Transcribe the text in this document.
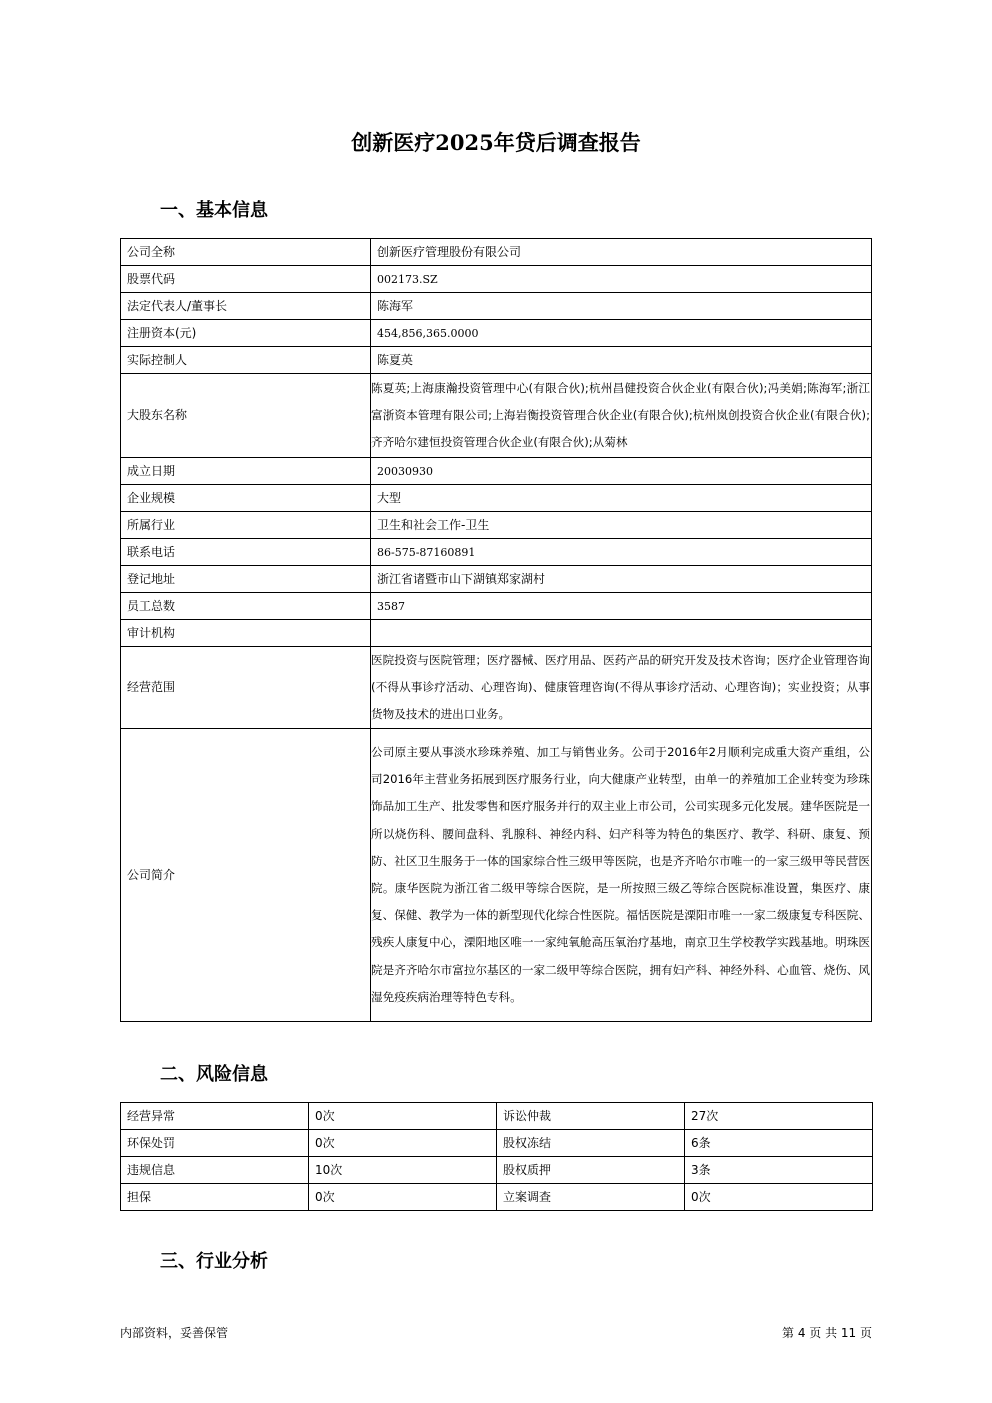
创新医疗2025年贷后调查报告
一、基本信息
公司全称	创新医疗管理股份有限公司
股票代码	002173.SZ
法定代表人/董事长	陈海军
注册资本(元)	454,856,365.0000
实际控制人	陈夏英
大股东名称	陈夏英;上海康瀚投资管理中心(有限合伙);杭州昌健投资合伙企业(有限合伙);冯美娟;陈海军;浙江富浙资本管理有限公司;上海岩衡投资管理合伙企业(有限合伙);杭州岚创投资合伙企业(有限合伙);齐齐哈尔建恒投资管理合伙企业(有限合伙);从菊林
成立日期	20030930
企业规模	大型
所属行业	卫生和社会工作-卫生
联系电话	86-575-87160891
登记地址	浙江省诸暨市山下湖镇郑家湖村
员工总数	3587
审计机构	
经营范围	医院投资与医院管理；医疗器械、医疗用品、医药产品的研究开发及技术咨询；医疗企业管理咨询(不得从事诊疗活动、心理咨询)、健康管理咨询(不得从事诊疗活动、心理咨询)；实业投资；从事货物及技术的进出口业务。
公司简介	公司原主要从事淡水珍珠养殖、加工与销售业务。公司于2016年2月顺利完成重大资产重组，公司2016年主营业务拓展到医疗服务行业，向大健康产业转型，由单一的养殖加工企业转变为珍珠饰品加工生产、批发零售和医疗服务并行的双主业上市公司，公司实现多元化发展。建华医院是一所以烧伤科、腰间盘科、乳腺科、神经内科、妇产科等为特色的集医疗、教学、科研、康复、预防、社区卫生服务于一体的国家综合性三级甲等医院，也是齐齐哈尔市唯一的一家三级甲等民营医院。康华医院为浙江省二级甲等综合医院，是一所按照三级乙等综合医院标准设置，集医疗、康复、保健、教学为一体的新型现代化综合性医院。福恬医院是溧阳市唯一一家二级康复专科医院、残疾人康复中心，溧阳地区唯一一家纯氧舱高压氧治疗基地，南京卫生学校教学实践基地。明珠医院是齐齐哈尔市富拉尔基区的一家二级甲等综合医院，拥有妇产科、神经外科、心血管、烧伤、风湿免疫疾病治理等特色专科。
二、风险信息
经营异常	0次	诉讼仲裁	27次
环保处罚	0次	股权冻结	6条
违规信息	10次	股权质押	3条
担保	0次	立案调查	0次
三、行业分析
内部资料，妥善保管	第 4 页 共 11 页
